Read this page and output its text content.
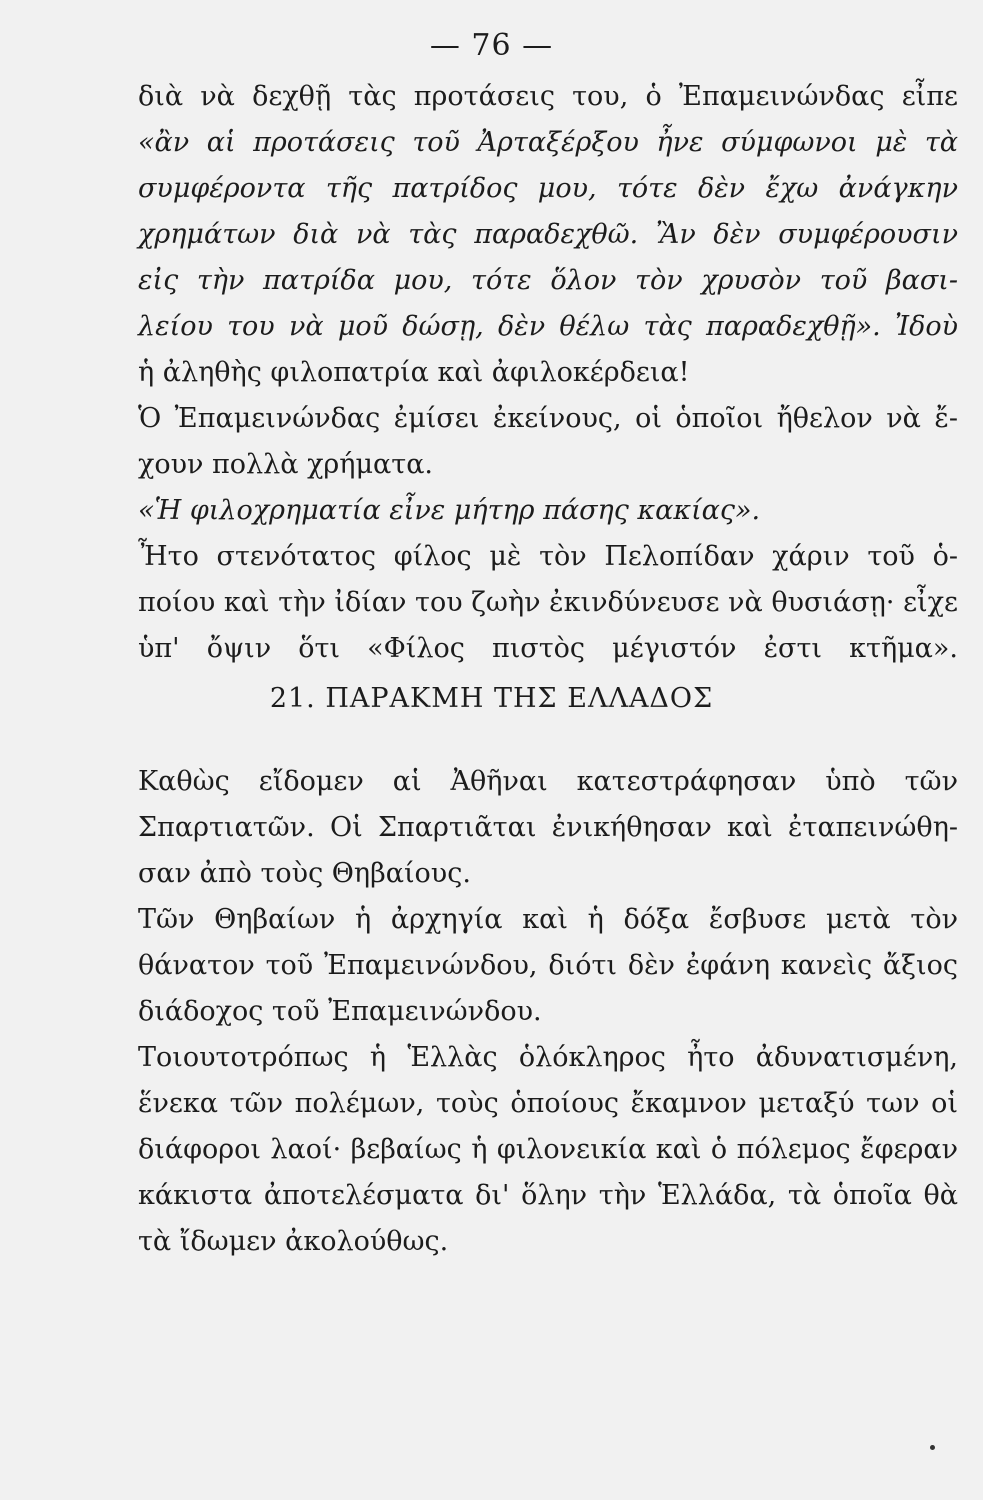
— 76 —
διὰ νὰ δεχθῇ τὰς προτάσεις του, ὁ Ἐπαμεινώνδας εἶπε
«ἂν αἱ προτάσεις τοῦ Ἀρταξέρξου ἦνε σύμφωνοι μὲ τὰ
συμφέροντα τῆς πατρίδος μου, τότε δὲν ἔχω ἀνάγκην
χρημάτων διὰ νὰ τὰς παραδεχθῶ. Ἂν δὲν συμφέρουσιν
εἰς τὴν πατρίδα μου, τότε ὅλον τὸν χρυσὸν τοῦ βασι-
λείου του νὰ μοῦ δώσῃ, δὲν θέλω τὰς παραδεχθῇ». Ἰδοὺ
ἡ ἀληθὴς φιλοπατρία καὶ ἀφιλοκέρδεια!
Ὁ Ἐπαμεινώνδας ἐμίσει ἐκείνους, οἱ ὁποῖοι ἤθελον νὰ ἔ-
χουν πολλὰ χρήματα.
«Ἡ φιλοχρηματία εἶνε μήτηρ πάσης κακίας».
Ἦτο στενότατος φίλος μὲ τὸν Πελοπίδαν χάριν τοῦ ὁ-
ποίου καὶ τὴν ἰδίαν του ζωὴν ἐκινδύνευσε νὰ θυσιάσῃ· εἶχε
ὑπ' ὄψιν ὅτι «Φίλος πιστὸς μέγιστόν ἐστι κτῆμα».
21. ΠΑΡΑΚΜΗ ΤΗΣ ΕΛΛΑΔΟΣ
Καθὼς εἴδομεν αἱ Ἀθῆναι κατεστράφησαν ὑπὸ τῶν
Σπαρτιατῶν. Οἱ Σπαρτιᾶται ἐνικήθησαν καὶ ἐταπεινώθη-
σαν ἀπὸ τοὺς Θηβαίους.
Τῶν Θηβαίων ἡ ἀρχηγία καὶ ἡ δόξα ἔσβυσε μετὰ τὸν
θάνατον τοῦ Ἐπαμεινώνδου, διότι δὲν ἐφάνη κανεὶς ἄξιος
διάδοχος τοῦ Ἐπαμεινώνδου.
Τοιουτοτρόπως ἡ Ἑλλὰς ὁλόκληρος ἦτο ἀδυνατισμένη,
ἕνεκα τῶν πολέμων, τοὺς ὁποίους ἔκαμνον μεταξύ των οἱ
διάφοροι λαοί· βεβαίως ἡ φιλονεικία καὶ ὁ πόλεμος ἔφεραν
κάκιστα ἀποτελέσματα δι' ὅλην τὴν Ἑλλάδα, τὰ ὁποῖα θὰ
τὰ ἴδωμεν ἀκολούθως.
